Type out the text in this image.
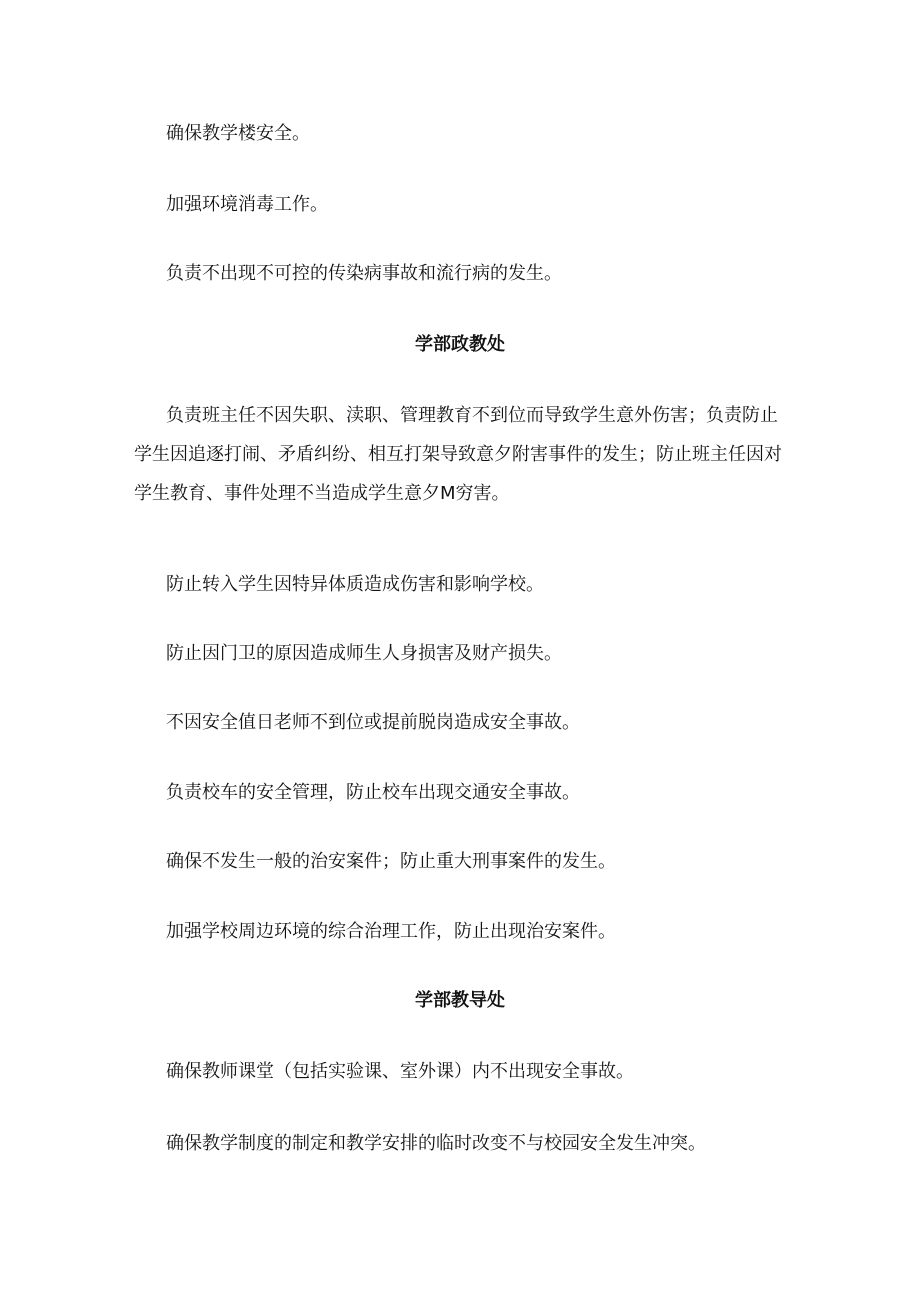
确保教学楼安全。

加强环境消毒工作。

负责不出现不可控的传染病事故和流行病的发生。

学部政教处

负责班主任不因失职、渎职、管理教育不到位而导致学生意外伤害；负责防止学生因追逐打闹、矛盾纠纷、相互打架导致意夕附害事件的发生；防止班主任因对学生教育、事件处理不当造成学生意夕M穷害。

防止转入学生因特异体质造成伤害和影响学校。

防止因门卫的原因造成师生人身损害及财产损失。

不因安全值日老师不到位或提前脱岗造成安全事故。

负责校车的安全管理，防止校车出现交通安全事故。

确保不发生一般的治安案件；防止重大刑事案件的发生。

加强学校周边环境的综合治理工作，防止出现治安案件。

学部教导处

确保教师课堂（包括实验课、室外课）内不出现安全事故。

确保教学制度的制定和教学安排的临时改变不与校园安全发生冲突。
